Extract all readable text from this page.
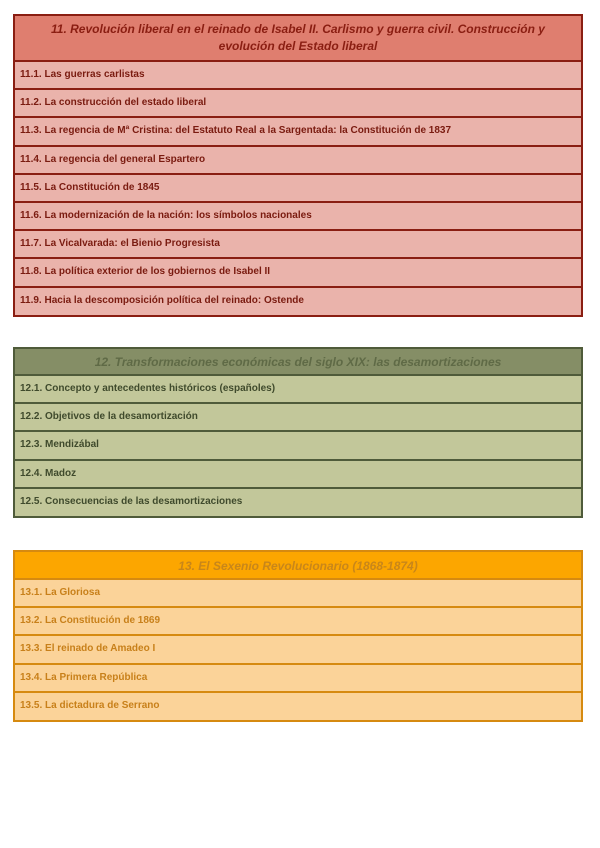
11. Revolución liberal en el reinado de Isabel II. Carlismo y guerra civil. Construcción y evolución del Estado liberal
11.1. Las guerras carlistas
11.2. La construcción del estado liberal
11.3. La regencia de Mª Cristina: del Estatuto Real a la Sargentada: la Constitución de 1837
11.4. La regencia del general Espartero
11.5. La Constitución de 1845
11.6. La modernización de la nación: los símbolos nacionales
11.7. La Vicalvarada: el Bienio Progresista
11.8. La política exterior de los gobiernos de Isabel II
11.9. Hacia la descomposición política del reinado: Ostende
12. Transformaciones económicas del siglo XIX: las desamortizaciones
12.1. Concepto y antecedentes históricos (españoles)
12.2. Objetivos de la desamortización
12.3. Mendizábal
12.4. Madoz
12.5. Consecuencias de las desamortizaciones
13. El Sexenio Revolucionario (1868-1874)
13.1. La Gloriosa
13.2. La Constitución de 1869
13.3. El reinado de Amadeo I
13.4. La Primera República
13.5. La dictadura de Serrano
